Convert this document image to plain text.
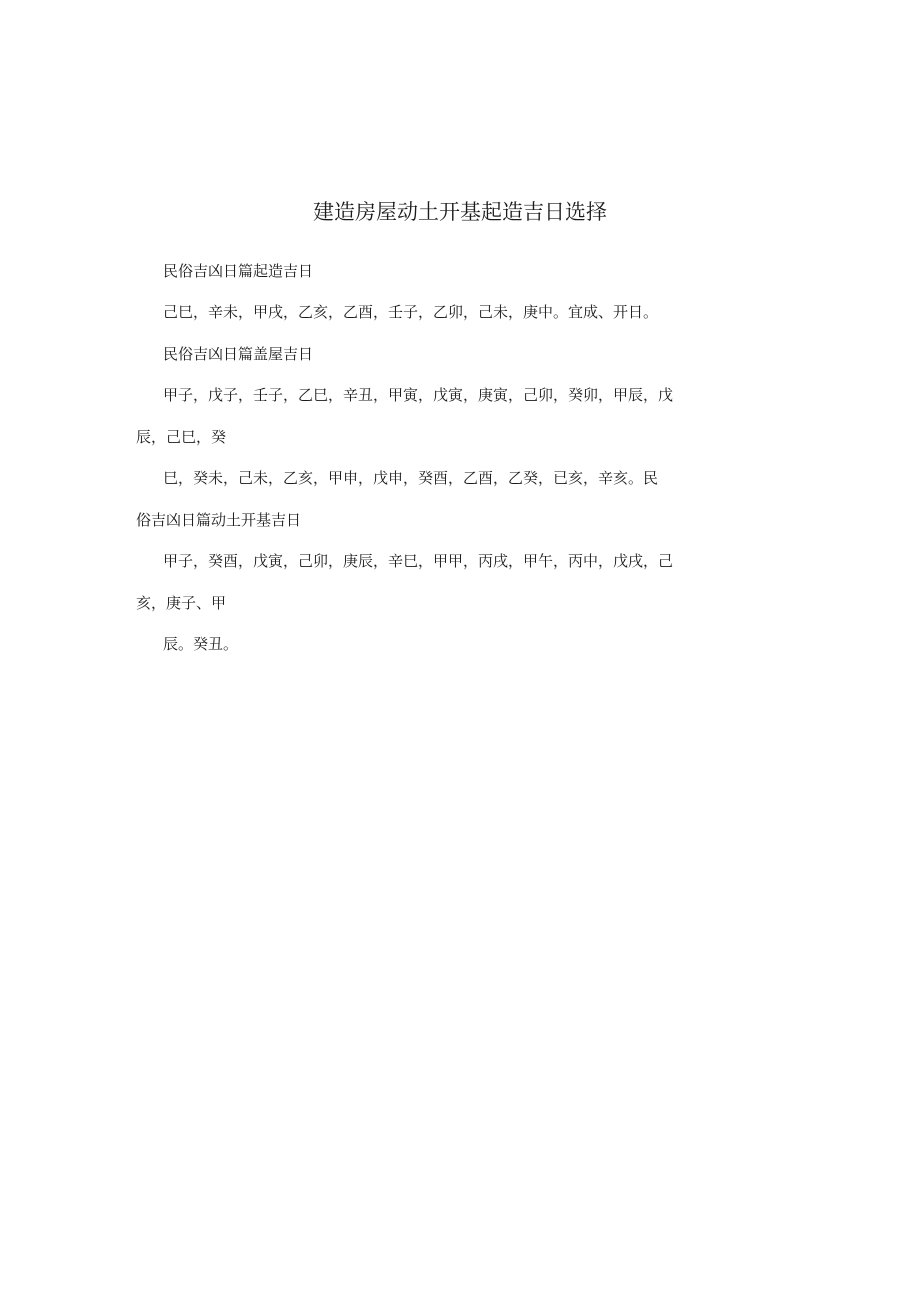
建造房屋动土开基起造吉日选择
民俗吉凶日篇起造吉日
己巳，辛未，甲戌，乙亥，乙酉，壬子，乙卯，己未，庚中。宜成、开日。
民俗吉凶日篇盖屋吉日
甲子，戊子，壬子，乙巳，辛丑，甲寅，戊寅，庚寅，己卯，癸卯，甲辰，戊
辰，己巳，癸
巳，癸未，己未，乙亥，甲申，戊申，癸酉，乙酉，乙癸，已亥，辛亥。民
俗吉凶日篇动土开基吉日
甲子，癸酉，戊寅，己卯，庚辰，辛巳，甲甲，丙戌，甲午，丙中，戊戌，己
亥，庚子、甲
辰。癸丑。
